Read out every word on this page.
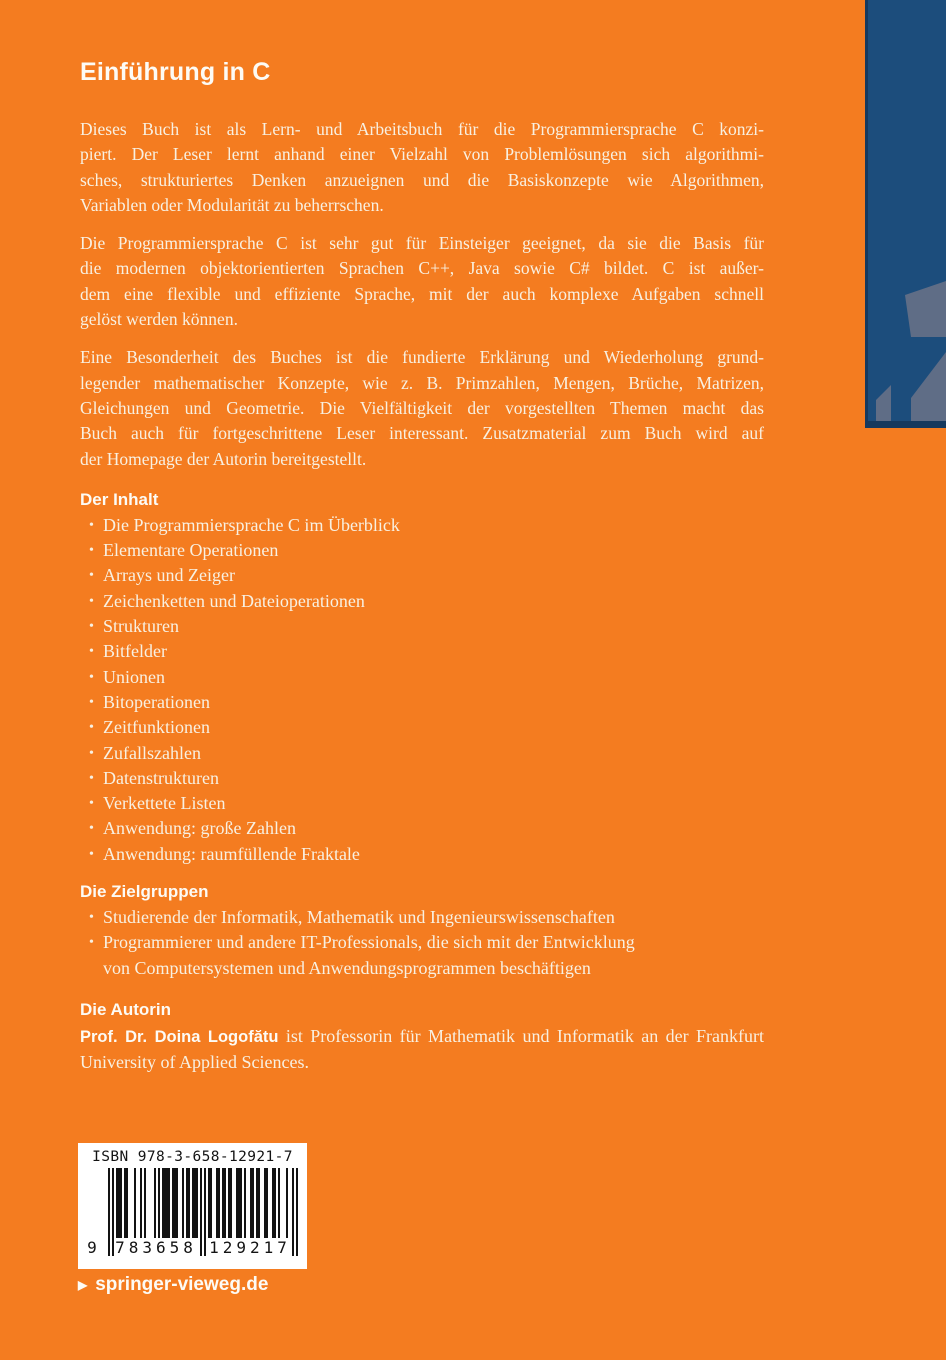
Einführung in C
Dieses Buch ist als Lern- und Arbeitsbuch für die Programmiersprache C konzi-
piert. Der Leser lernt anhand einer Vielzahl von Problemlösungen sich algorithmi-
sches, strukturiertes Denken anzueignen und die Basiskonzepte wie Algorithmen,
Variablen oder Modularität zu beherrschen.
Die Programmiersprache C ist sehr gut für Einsteiger geeignet, da sie die Basis für
die modernen objektorientierten Sprachen C++, Java sowie C# bildet. C ist außer-
dem eine flexible und effiziente Sprache, mit der auch komplexe Aufgaben schnell
gelöst werden können.
Eine Besonderheit des Buches ist die fundierte Erklärung und Wiederholung grund-
legender mathematischer Konzepte, wie z. B. Primzahlen, Mengen, Brüche, Matrizen,
Gleichungen und Geometrie. Die Vielfältigkeit der vorgestellten Themen macht das
Buch auch für fortgeschrittene Leser interessant. Zusatzmaterial zum Buch wird auf
der Homepage der Autorin bereitgestellt.
Der Inhalt
• Die Programmiersprache C im Überblick
• Elementare Operationen
• Arrays und Zeiger
• Zeichenketten und Dateioperationen
• Strukturen
• Bitfelder
• Unionen
• Bitoperationen
• Zeitfunktionen
• Zufallszahlen
• Datenstrukturen
• Verkettete Listen
• Anwendung: große Zahlen
• Anwendung: raumfüllende Fraktale
Die Zielgruppen
• Studierende der Informatik, Mathematik und Ingenieurswissenschaften
• Programmierer und andere IT-Professionals, die sich mit der Entwicklung
von Computersystemen und Anwendungsprogrammen beschäftigen
Die Autorin

Prof. Dr. Doina Logofătu ist Professorin für Mathematik und Informatik an der Frankfurt University of Applied Sciences.

ISBN 978-3-658-12921-7
9	783658 129217
▶ springer-vieweg.de
